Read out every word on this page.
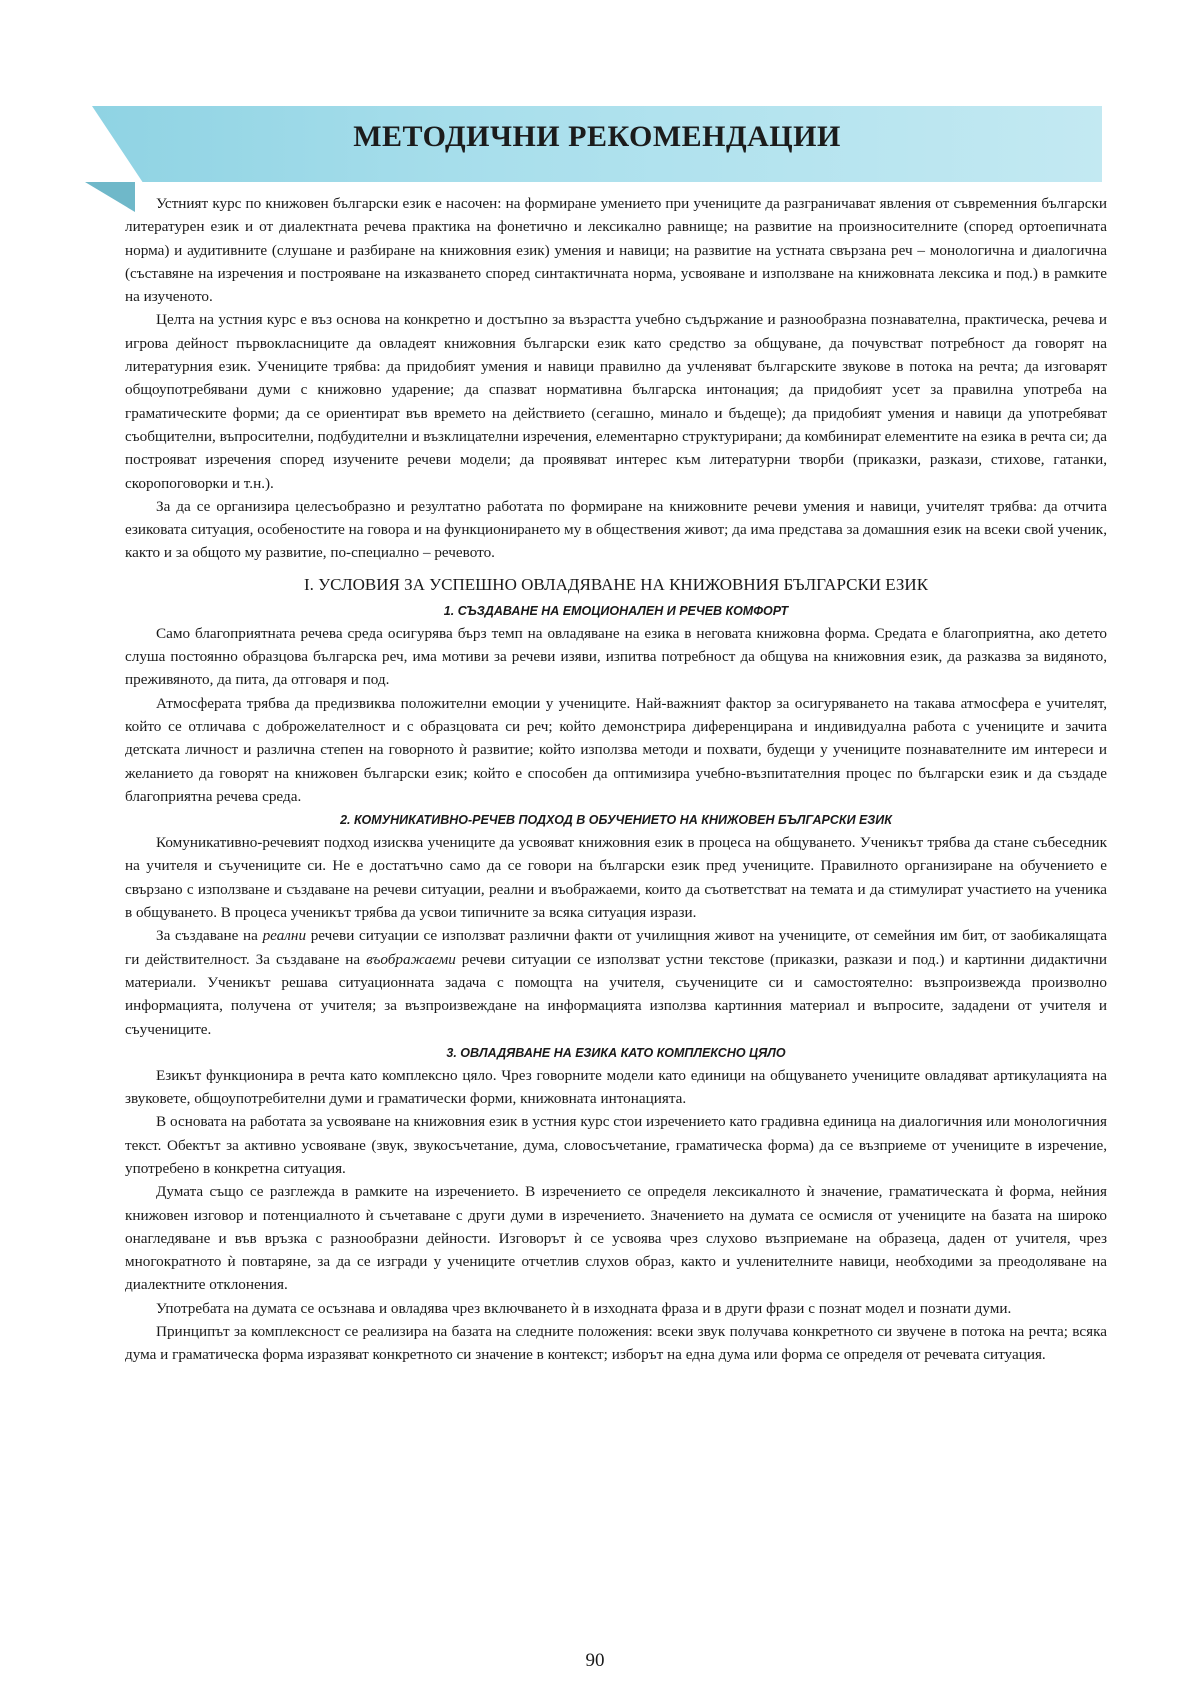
МЕТОДИЧНИ РЕКОМЕНДАЦИИ

Устният курс по книжовен български език е насочен: на формиране умението при учениците да разграничават явления от съвременния български литературен език и от диалектната речева практика на фонетично и лексикално равнище; на развитие на произносителните (според ортоепичната норма) и аудитивните (слушане и разбиране на книжовния език) умения и навици; на развитие на устната свързана реч – монологична и диалогична (съставяне на изречения и построяване на изказването според синтактичната норма, усвояване и използване на книжовната лексика и под.) в рамките на изученото.

Целта на устния курс е въз основа на конкретно и достъпно за възрастта учебно съдържание и разнообразна познавателна, практическа, речева и игрова дейност първокласниците да овладеят книжовния български език като средство за общуване, да почувстват потребност да говорят на литературния език. Учениците трябва: да придобият умения и навици правилно да учленяват българските звукове в потока на речта; да изговарят общоупотребявани думи с книжовно ударение; да спазват нормативна българска интонация; да придобият усет за правилна употреба на граматическите форми; да се ориентират във времето на действието (сегашно, минало и бъдеще); да придобият умения и навици да употребяват съобщителни, въпросителни, подбудителни и възклицателни изречения, елементарно структурирани; да комбинират елементите на езика в речта си; да построяват изречения според изучените речеви модели; да проявяват интерес към литературни творби (приказки, разкази, стихове, гатанки, скоропоговорки и т.н.).

За да се организира целесъобразно и резултатно работата по формиране на книжовните речеви умения и навици, учителят трябва: да отчита езиковата ситуация, особеностите на говора и на функционирането му в обществения живот; да има представа за домашния език на всеки свой ученик, както и за общото му развитие, по-специално – речевото.

I. УСЛОВИЯ ЗА УСПЕШНО ОВЛАДЯВАНЕ НА КНИЖОВНИЯ БЪЛГАРСКИ ЕЗИК
1. СЪЗДАВАНЕ НА ЕМОЦИОНАЛЕН И РЕЧЕВ КОМФОРТ

Само благоприятната речева среда осигурява бърз темп на овладяване на езика в неговата книжовна форма. Средата е благоприятна, ако детето слуша постоянно образцова българска реч, има мотиви за речеви изяви, изпитва потребност да общува на книжовния език, да разказва за видяното, преживяното, да пита, да отговаря и под.

Атмосферата трябва да предизвиква положителни емоции у учениците. Най-важният фактор за осигуряването на такава атмосфера е учителят, който се отличава с доброжелателност и с образцовата си реч; който демонстрира диференцирана и индивидуална работа с учениците и зачита детската личност и различна степен на говорното ѝ развитие; който използва методи и похвати, будещи у учениците познавателните им интереси и желанието да говорят на книжовен български език; който е способен да оптимизира учебно-възпитателния процес по български език и да създаде благоприятна речева среда.

2. КОМУНИКАТИВНО-РЕЧЕВ ПОДХОД В ОБУЧЕНИЕТО НА КНИЖОВЕН БЪЛГАРСКИ ЕЗИК

Комуникативно-речевият подход изисква учениците да усвояват книжовния език в процеса на общуването. Ученикът трябва да стане събеседник на учителя и съучениците си. Не е достатъчно само да се говори на български език пред учениците. Правилното организиране на обучението е свързано с използване и създаване на речеви ситуации, реални и въображаеми, които да съответстват на темата и да стимулират участието на ученика в общуването. В процеса ученикът трябва да усвои типичните за всяка ситуация изрази.

За създаване на реални речеви ситуации се използват различни факти от училищния живот на учениците, от семейния им бит, от заобикалящата ги действителност. За създаване на въображаеми речеви ситуации се използват устни текстове (приказки, разкази и под.) и картинни дидактични материали. Ученикът решава ситуационната задача с помощта на учителя, съучениците си и самостоятелно: възпроизвежда произволно информацията, получена от учителя; за възпроизвеждане на информацията използва картинния материал и въпросите, зададени от учителя и съучениците.

3. ОВЛАДЯВАНЕ НА ЕЗИКА КАТО КОМПЛЕКСНО ЦЯЛО

Езикът функционира в речта като комплексно цяло. Чрез говорните модели като единици на общуването учениците овладяват артикулацията на звуковете, общоупотребителни думи и граматически форми, книжовната интонацията.

В основата на работата за усвояване на книжовния език в устния курс стои изречението като градивна единица на диалогичния или монологичния текст. Обектът за активно усвояване (звук, звукосъчетание, дума, словосъчетание, граматическа форма) да се възприеме от учениците в изречение, употребено в конкретна ситуация.

Думата също се разглежда в рамките на изречението. В изречението се определя лексикалното ѝ значение, граматическата ѝ форма, нейния книжовен изговор и потенциалното ѝ съчетаване с други думи в изречението. Значението на думата се осмисля от учениците на базата на широко онагледяване и във връзка с разнообразни дейности. Изговорът ѝ се усвоява чрез слухово възприемане на образеца, даден от учителя, чрез многократното ѝ повтаряне, за да се изгради у учениците отчетлив слухов образ, както и учленителните навици, необходими за преодоляване на диалектните отклонения.

Употребата на думата се осъзнава и овладява чрез включването ѝ в изходната фраза и в други фрази с познат модел и познати думи.

Принципът за комплексност се реализира на базата на следните положения: всеки звук получава конкретното си звучене в потока на речта; всяка дума и граматическа форма изразяват конкретното си значение в контекст; изборът на една дума или форма се определя от речевата ситуация.

90
